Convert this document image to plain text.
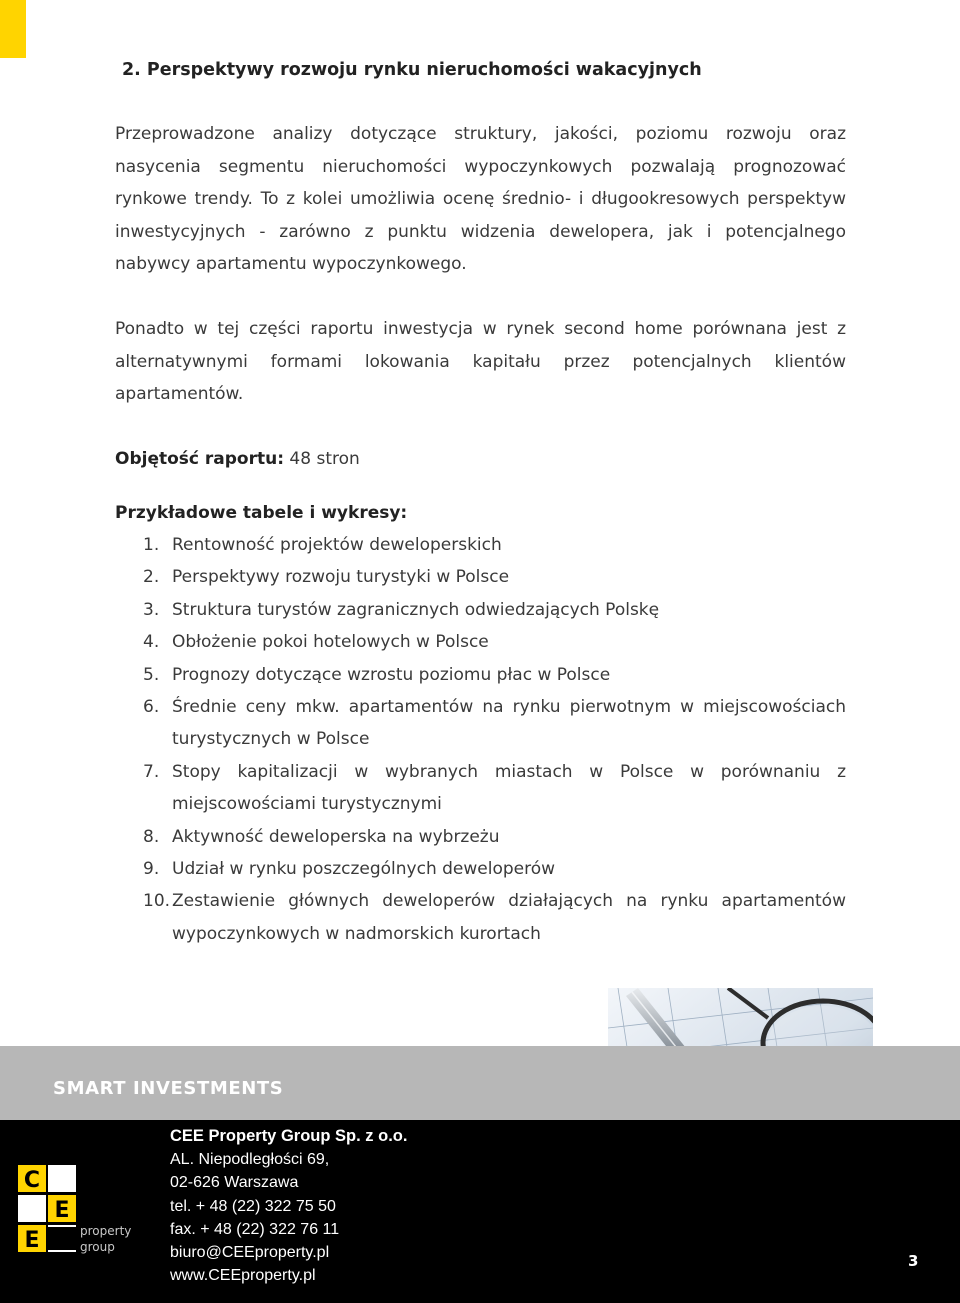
2. Perspektywy rozwoju rynku nieruchomości wakacyjnych

Przeprowadzone analizy dotyczące struktury, jakości, poziomu rozwoju oraz nasycenia segmentu nieruchomości wypoczynkowych pozwalają prognozować rynkowe trendy. To z kolei umożliwia ocenę średnio- i długookresowych perspektyw inwestycyjnych - zarówno z punktu widzenia dewelopera, jak i potencjalnego nabywcy apartamentu wypoczynkowego.

Ponadto w tej części raportu inwestycja w rynek second home porównana jest z alternatywnymi formami lokowania kapitału przez potencjalnych klientów apartamentów.

Objętość raportu: 48 stron
Przykładowe tabele i wykresy:
1. Rentowność projektów deweloperskich
2. Perspektywy rozwoju turystyki w Polsce
3. Struktura turystów zagranicznych odwiedzających Polskę
4. Obłożenie pokoi hotelowych w Polsce
5. Prognozy dotyczące wzrostu poziomu płac w Polsce
6. Średnie ceny mkw. apartamentów na rynku pierwotnym w miejscowościach turystycznych w Polsce
7. Stopy kapitalizacji w wybranych miastach w Polsce w porównaniu z miejscowościami turystycznymi
8. Aktywność deweloperska na wybrzeżu
9. Udział w rynku poszczególnych deweloperów
10. Zestawienie głównych deweloperów działających na rynku apartamentów wypoczynkowych w nadmorskich kurortach
SMART INVESTMENTS
C
E
E	property
group
CEE Property Group Sp. z o.o.
AL. Niepodległości 69,
02-626 Warszawa
tel. + 48 (22) 322 75 50
fax. + 48 (22) 322 76 11
biuro@CEEproperty.pl
www.CEEproperty.pl
3
